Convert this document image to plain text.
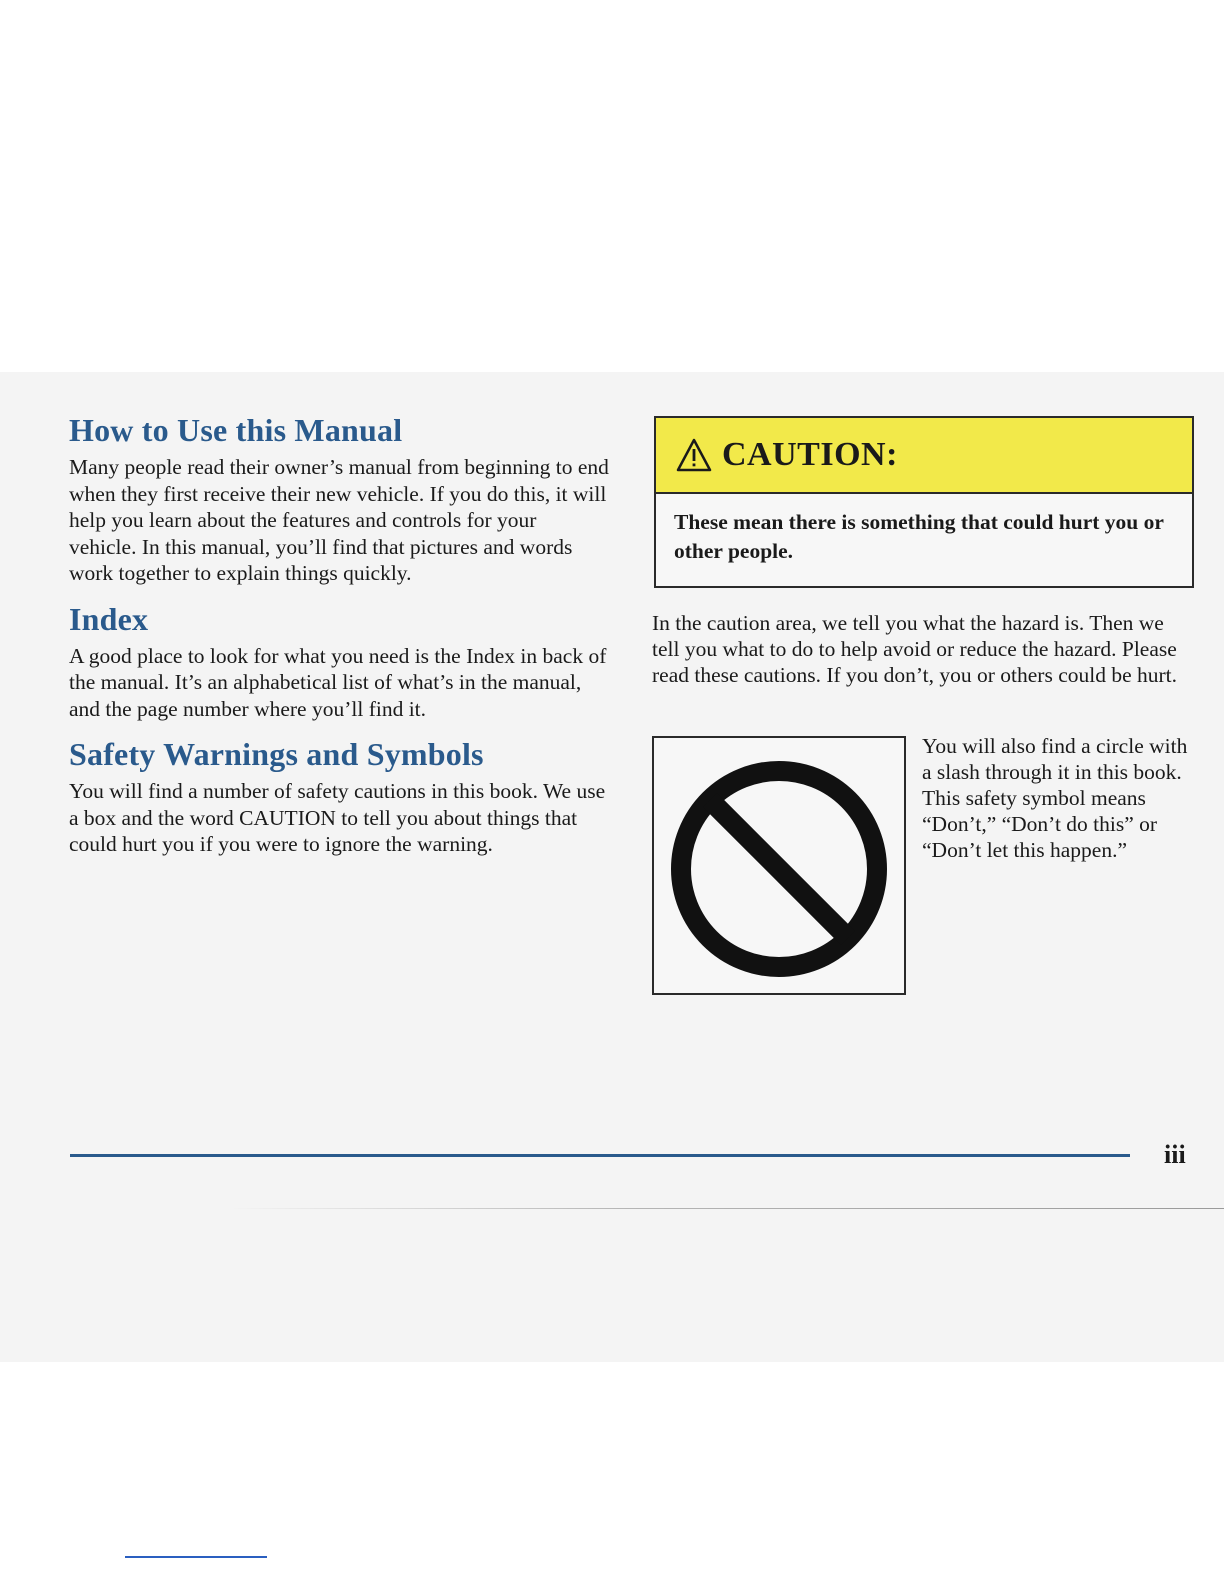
How to Use this Manual

Many people read their owner’s manual from beginning to end when they first receive their new vehicle. If you do this, it will help you learn about the features and controls for your vehicle. In this manual, you’ll find that pictures and words work together to explain things quickly.

Index

A good place to look for what you need is the Index in back of the manual. It’s an alphabetical list of what’s in the manual, and the page number where you’ll find it.

Safety Warnings and Symbols

You will find a number of safety cautions in this book. We use a box and the word CAUTION to tell you about things that could hurt you if you were to ignore the warning.

CAUTION:
These mean there is something that could hurt you or other people.

In the caution area, we tell you what the hazard is. Then we tell you what to do to help avoid or reduce the hazard. Please read these cautions. If you don’t, you or others could be hurt.

You will also find a circle with a slash through it in this book. This safety symbol means “Don’t,” “Don’t do this” or “Don’t let this happen.”

iii
